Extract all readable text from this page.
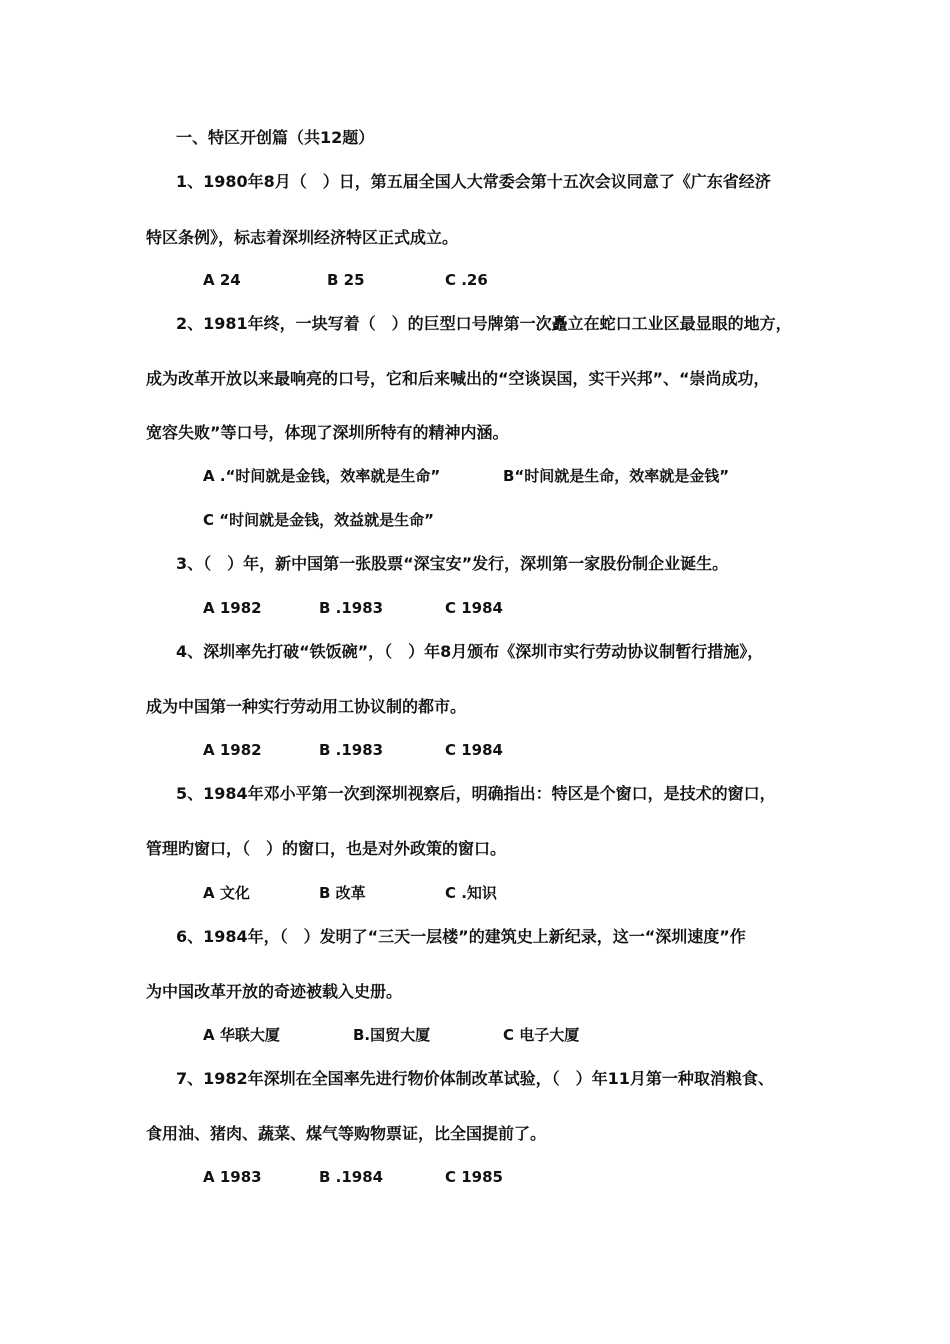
一、特区开创篇（共12题）
1、1980年8月（　）日，第五届全国人大常委会第十五次会议同意了《广东省经济
特区条例》，标志着深圳经济特区正式成立。
A 24	B 25	C .26
2、1981年终，一块写着（　）的巨型口号牌第一次矗立在蛇口工业区最显眼的地方，
成为改革开放以来最响亮的口号，它和后来喊出的“空谈误国，实干兴邦”、“崇尚成功，
宽容失败”等口号，体现了深圳所特有的精神内涵。
A .“时间就是金钱，效率就是生命”	B“时间就是生命，效率就是金钱”
C “时间就是金钱，效益就是生命”
3、（　）年，新中国第一张股票“深宝安”发行，深圳第一家股份制企业诞生。
A 1982	B .1983	C 1984
4、深圳率先打破“铁饭碗”，（　）年8月颁布《深圳市实行劳动协议制暂行措施》，
成为中国第一种实行劳动用工协议制的都市。
A 1982	B .1983	C 1984
5、1984年邓小平第一次到深圳视察后，明确指出：特区是个窗口，是技术的窗口，
管理旳窗口，（　）的窗口，也是对外政策的窗口。
A 文化	B 改革	C .知识
6、1984年，（　）发明了“三天一层楼”的建筑史上新纪录，这一“深圳速度”作
为中国改革开放的奇迹被载入史册。
A 华联大厦	B.国贸大厦	C 电子大厦
7、1982年深圳在全国率先进行物价体制改革试验，（　）年11月第一种取消粮食、
食用油、猪肉、蔬菜、煤气等购物票证，比全国提前了。
A 1983	B .1984	C 1985
